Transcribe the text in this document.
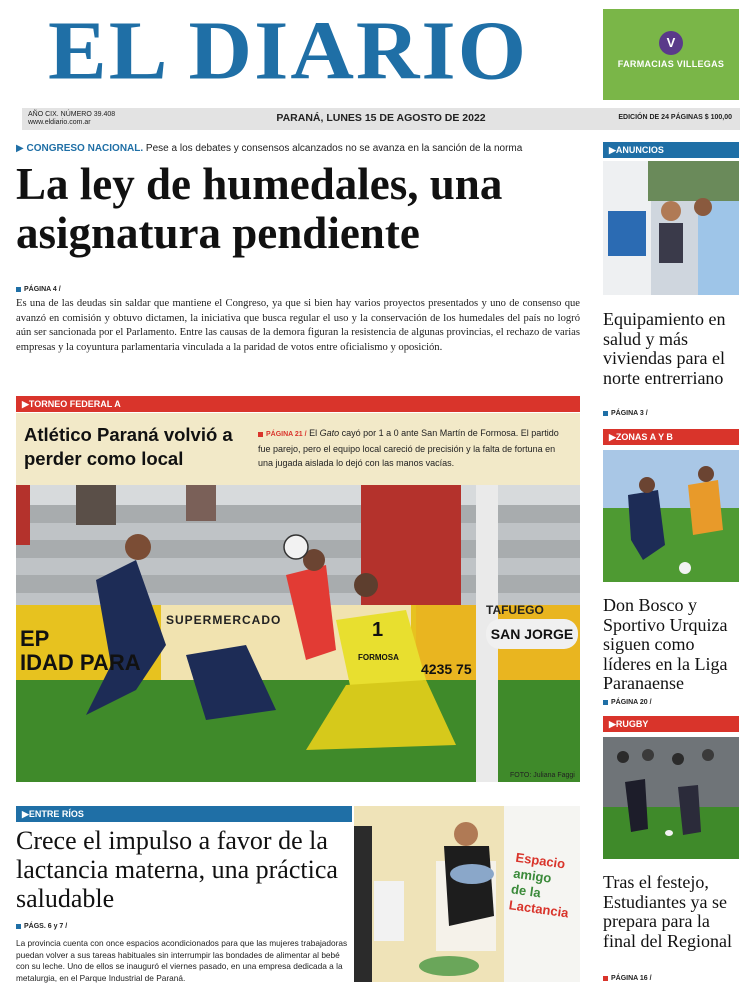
EL DIARIO	V
FARMACIAS VILLEGAS
AÑO CIX. NÚMERO 39.408
www.eldiario.com.ar	PARANÁ, LUNES 15 DE AGOSTO DE 2022	EDICIÓN DE 24 PÁGINAS $ 100,00
▶ CONGRESO NACIONAL. Pese a los debates y consensos alcanzados no se avanza en la sanción de la norma
La ley de humedales, una asignatura pendiente
PÁGINA 4 /
Es una de las deudas sin saldar que mantiene el Congreso, ya que si bien hay varios proyectos presentados y uno de consenso que avanzó en comisión y obtuvo dictamen, la iniciativa que busca regular el uso y la conservación de los humedales del país no logró aún ser sancionada por el Parlamento. Entre las causas de la demora figuran la resistencia de algunas provincias, el rechazo de varias empresas y la coyuntura parlamentaria vinculada a la paridad de votos entre oficialismo y oposición.
▶TORNEO FEDERAL A
Atlético Paraná volvió a perder como local
PÁGINA 21 / El Gato cayó por 1 a 0 ante San Martín de Formosa. El partido fue parejo, pero el equipo local careció de precisión y la falta de fortuna en una jugada aislada lo dejó con las manos vacías.
EP
IDAD PARA
SUPERMERCADO
TAFUEGO
SAN JORGE
4235 75
1
FORMOSA
FOTO: Juliana Faggi
▶ENTRE RÍOS
Crece el impulso a favor de la lactancia materna, una práctica saludable
PÁGS. 6 y 7 /
La provincia cuenta con once espacios acondicionados para que las mujeres trabajadoras puedan volver a sus tareas habituales sin interrumpir las bondades de alimentar al bebé con su leche. Uno de ellos se inauguró el viernes pasado, en una empresa dedicada a la metalurgia, en el Parque Industrial de Paraná.
Espacio
amigo
de la
Lactancia
▶ANUNCIOS
Equipamiento en salud y más viviendas para el norte entrerriano
PÁGINA 3 /
▶ZONAS A Y B
Don Bosco y Sportivo Urquiza siguen como líderes en la Liga Paranaense
PÁGINA 20 /
▶RUGBY
Tras el festejo, Estudiantes ya se prepara para la final del Regional
PÁGINA 16 /
